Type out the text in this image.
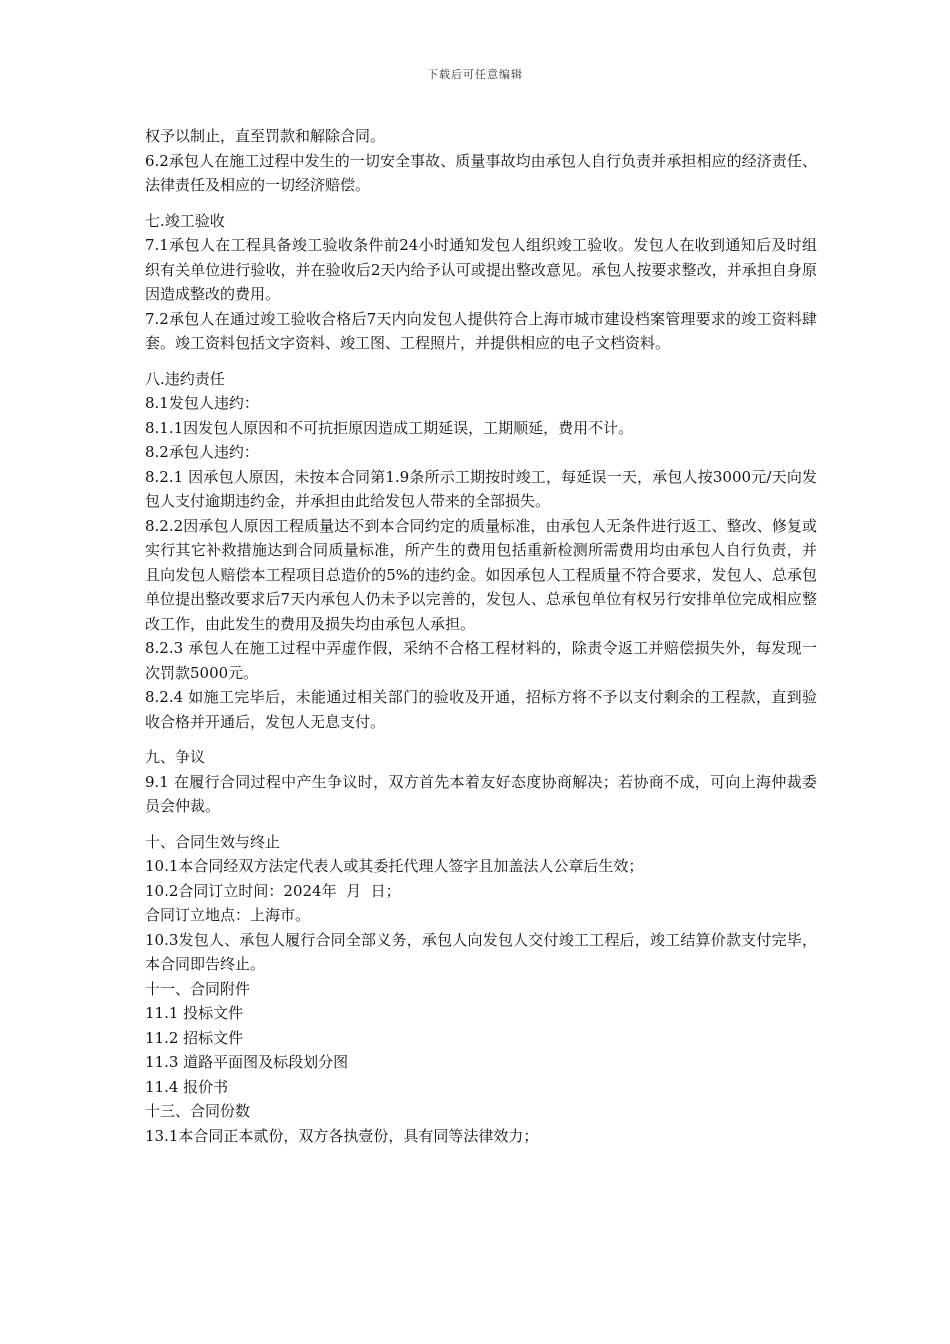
下载后可任意编辑

权予以制止，直至罚款和解除合同。

6.2承包人在施工过程中发生的一切安全事故、质量事故均由承包人自行负责并承担相应的经济责任、法律责任及相应的一切经济赔偿。

七.竣工验收

7.1承包人在工程具备竣工验收条件前24小时通知发包人组织竣工验收。发包人在收到通知后及时组织有关单位进行验收，并在验收后2天内给予认可或提出整改意见。承包人按要求整改，并承担自身原因造成整改的费用。

7.2承包人在通过竣工验收合格后7天内向发包人提供符合上海市城市建设档案管理要求的竣工资料肆套。竣工资料包括文字资料、竣工图、工程照片，并提供相应的电子文档资料。

八.违约责任

8.1发包人违约：

8.1.1因发包人原因和不可抗拒原因造成工期延误，工期顺延，费用不计。

8.2承包人违约：

8.2.1 因承包人原因，未按本合同第1.9条所示工期按时竣工，每延误一天，承包人按3000元/天向发包人支付逾期违约金，并承担由此给发包人带来的全部损失。

8.2.2因承包人原因工程质量达不到本合同约定的质量标准，由承包人无条件进行返工、整改、修复或实行其它补救措施达到合同质量标准，所产生的费用包括重新检测所需费用均由承包人自行负责，并且向发包人赔偿本工程项目总造价的5%的违约金。如因承包人工程质量不符合要求，发包人、总承包单位提出整改要求后7天内承包人仍未予以完善的，发包人、总承包单位有权另行安排单位完成相应整改工作，由此发生的费用及损失均由承包人承担。

8.2.3 承包人在施工过程中弄虚作假，采纳不合格工程材料的，除责令返工并赔偿损失外，每发现一次罚款5000元。

8.2.4 如施工完毕后，未能通过相关部门的验收及开通，招标方将不予以支付剩余的工程款，直到验收合格并开通后，发包人无息支付。

九、争议

9.1 在履行合同过程中产生争议时，双方首先本着友好态度协商解决；若协商不成，可向上海仲裁委员会仲裁。

十、合同生效与终止

10.1本合同经双方法定代表人或其委托代理人签字且加盖法人公章后生效；

10.2合同订立时间：2024年  月  日；

合同订立地点：上海市。

10.3发包人、承包人履行合同全部义务，承包人向发包人交付竣工工程后，竣工结算价款支付完毕，本合同即告终止。

十一、合同附件

11.1 投标文件

11.2 招标文件

11.3 道路平面图及标段划分图

11.4 报价书

十三、合同份数

13.1本合同正本贰份，双方各执壹份，具有同等法律效力；
